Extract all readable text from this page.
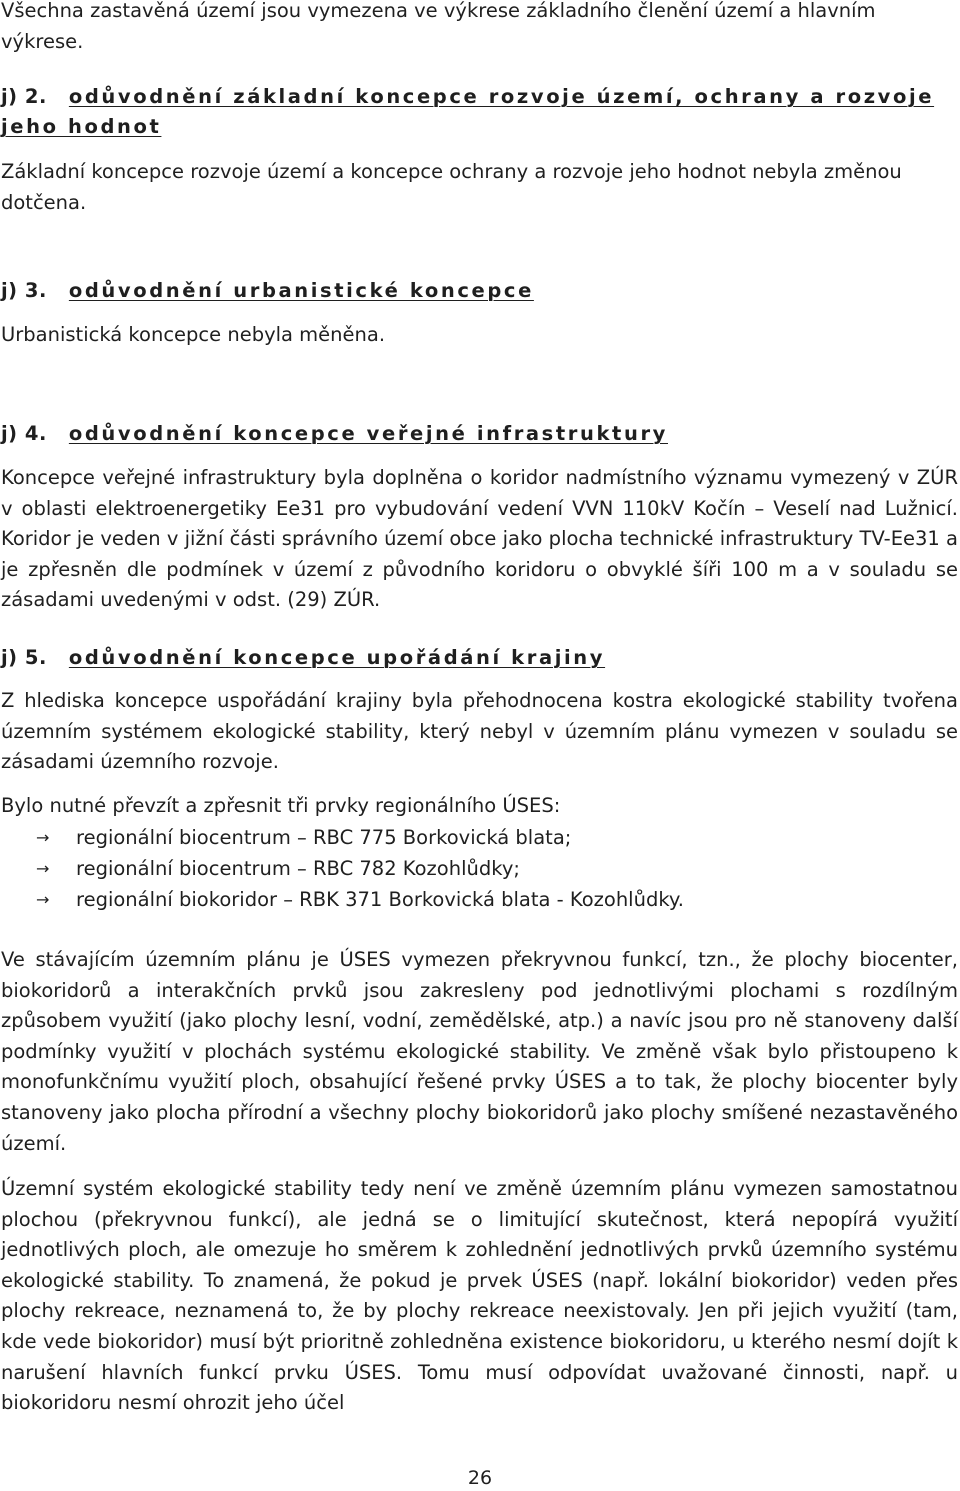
Všechna zastavěná území jsou vymezena ve výkrese základního členění území a hlavním výkrese.

j) 2. odůvodnění základní koncepce rozvoje území, ochrany a rozvoje jeho hodnot

Základní koncepce rozvoje území a koncepce ochrany a rozvoje jeho hodnot nebyla změnou dotčena.

j) 3. odůvodnění urbanistické koncepce

Urbanistická koncepce nebyla měněna.

j) 4. odůvodnění koncepce veřejné infrastruktury

Koncepce veřejné infrastruktury byla doplněna o koridor nadmístního významu vymezený v ZÚR v oblasti elektroenergetiky Ee31 pro vybudování vedení VVN 110kV Kočín – Veselí nad Lužnicí. Koridor je veden v jižní části správního území obce jako plocha technické infrastruktury TV-Ee31 a je zpřesněn dle podmínek v území z původního koridoru o obvyklé šíři 100 m a v souladu se zásadami uvedenými v odst. (29) ZÚR.

j) 5. odůvodnění koncepce upořádání krajiny

Z hlediska koncepce uspořádání krajiny byla přehodnocena kostra ekologické stability tvořena územním systémem ekologické stability, který nebyl v územním plánu vymezen v souladu se zásadami územního rozvoje.

Bylo nutné převzít a zpřesnit tři prvky regionálního ÚSES:

→ regionální biocentrum – RBC 775 Borkovická blata;
→ regionální biocentrum – RBC 782 Kozohlůdky;
→ regionální biokoridor – RBK 371 Borkovická blata - Kozohlůdky.

Ve stávajícím územním plánu je ÚSES vymezen překryvnou funkcí, tzn., že plochy biocenter, biokoridorů a interakčních prvků jsou zakresleny pod jednotlivými plochami s rozdílným způsobem využití (jako plochy lesní, vodní, zemědělské, atp.) a navíc jsou pro ně stanoveny další podmínky využití v plochách systému ekologické stability. Ve změně však bylo přistoupeno k monofunkčnímu využití ploch, obsahující řešené prvky ÚSES a to tak, že plochy biocenter byly stanoveny jako plocha přírodní a všechny plochy biokoridorů jako plochy smíšené nezastavěného území.

Územní systém ekologické stability tedy není ve změně územním plánu vymezen samostatnou plochou (překryvnou funkcí), ale jedná se o limitující skutečnost, která nepopírá využití jednotlivých ploch, ale omezuje ho směrem k zohlednění jednotlivých prvků územního systému ekologické stability. To znamená, že pokud je prvek ÚSES (např. lokální biokoridor) veden přes plochy rekreace, neznamená to, že by plochy rekreace neexistovaly. Jen při jejich využití (tam, kde vede biokoridor) musí být prioritně zohledněna existence biokoridoru, u kterého nesmí dojít k narušení hlavních funkcí prvku ÚSES. Tomu musí odpovídat uvažované činnosti, např. u biokoridoru nesmí ohrozit jeho účel

26
